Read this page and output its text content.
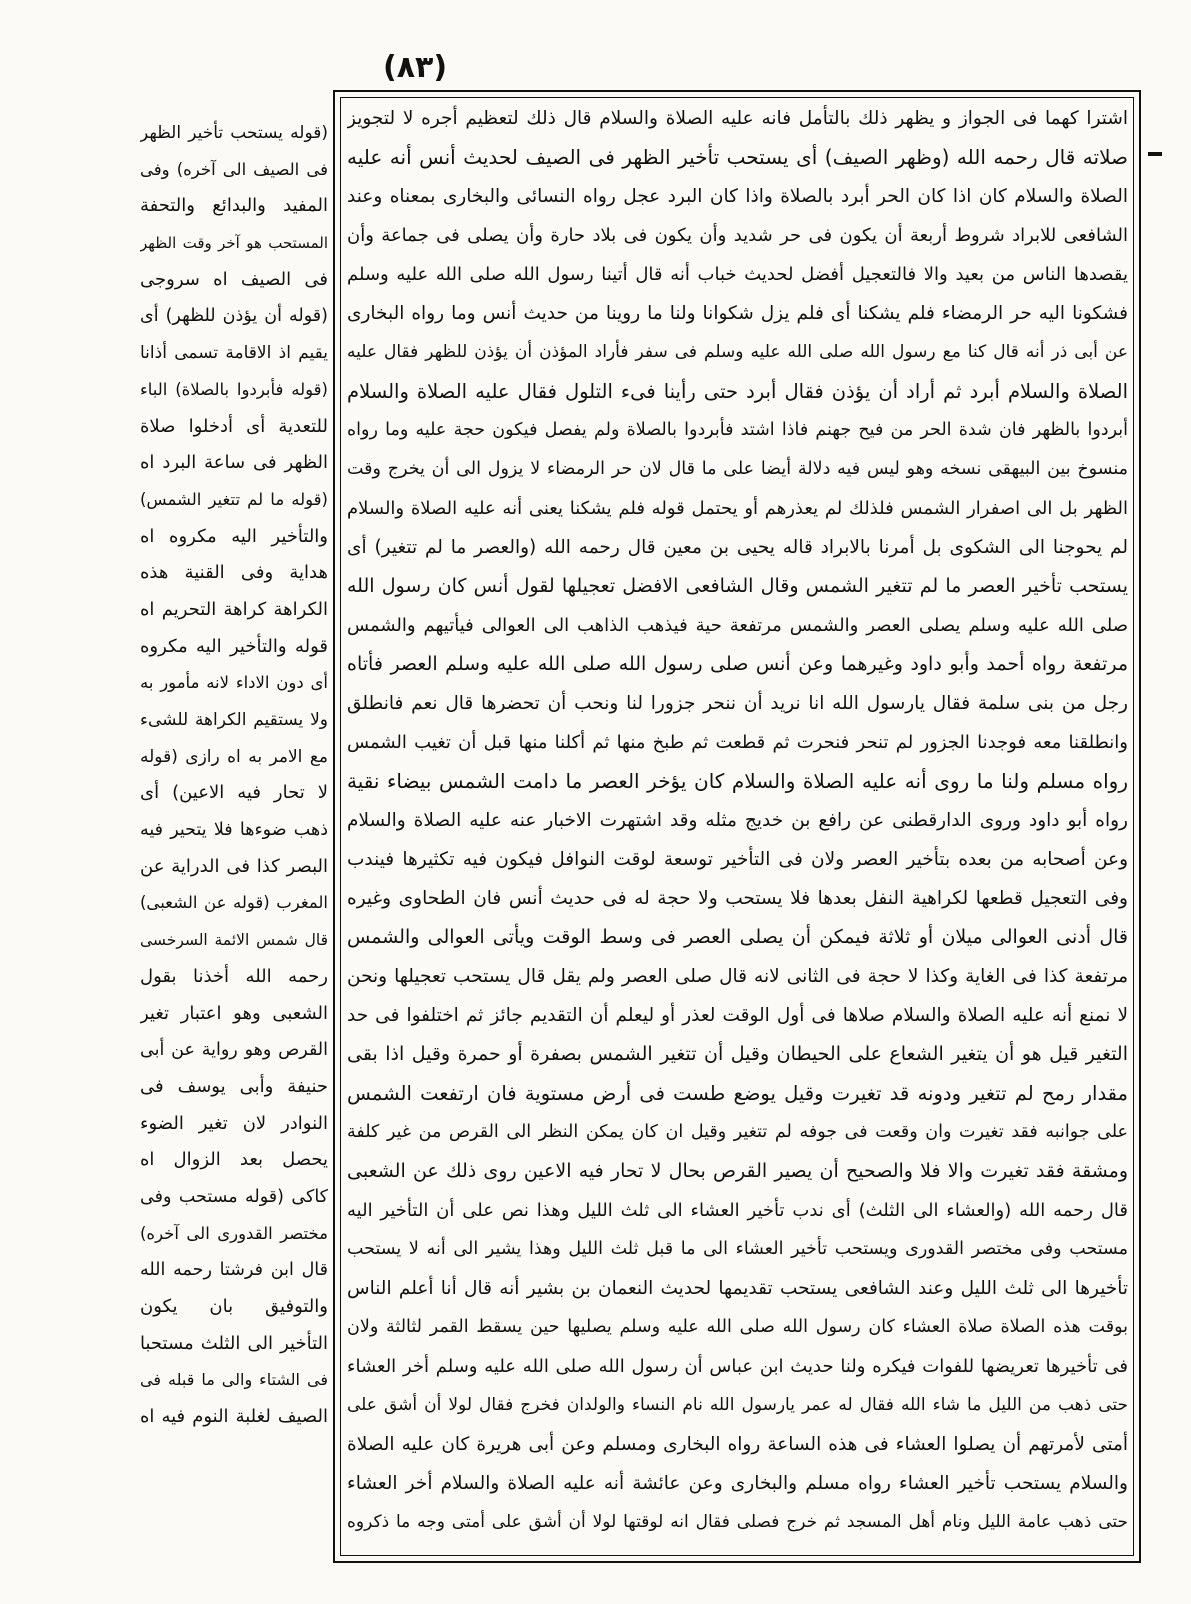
(٨٣)
اشترا كهما فى الجواز و يظهر ذلك بالتأمل فانه عليه الصلاة والسلام قال ذلك لتعظيم أجره لا لتجويز
صلاته قال رحمه الله (وظهر الصيف) أى يستحب تأخير الظهر فى الصيف لحديث أنس أنه عليه
الصلاة والسلام كان اذا كان الحر أبرد بالصلاة واذا كان البرد عجل رواه النسائى والبخارى بمعناه وعند
الشافعى للابراد شروط أربعة أن يكون فى حر شديد وأن يكون فى بلاد حارة وأن يصلى فى جماعة وأن
يقصدها الناس من بعيد والا فالتعجيل أفضل لحديث خباب أنه قال أتينا رسول الله صلى الله عليه وسلم
فشكونا اليه حر الرمضاء فلم يشكنا أى فلم يزل شكوانا ولنا ما روينا من حديث أنس وما رواه البخارى
عن أبى ذر أنه قال كنا مع رسول الله صلى الله عليه وسلم فى سفر فأراد المؤذن أن يؤذن للظهر فقال عليه
الصلاة والسلام أبرد ثم أراد أن يؤذن فقال أبرد حتى رأينا فىء التلول فقال عليه الصلاة والسلام
أبردوا بالظهر فان شدة الحر من فيح جهنم فاذا اشتد فأبردوا بالصلاة ولم يفصل فيكون حجة عليه وما رواه
منسوخ بين البيهقى نسخه وهو ليس فيه دلالة أيضا على ما قال لان حر الرمضاء لا يزول الى أن يخرج وقت
الظهر بل الى اصفرار الشمس فلذلك لم يعذرهم أو يحتمل قوله فلم يشكنا يعنى أنه عليه الصلاة والسلام
لم يحوجنا الى الشكوى بل أمرنا بالابراد قاله يحيى بن معين قال رحمه الله (والعصر ما لم تتغير) أى
يستحب تأخير العصر ما لم تتغير الشمس وقال الشافعى الافضل تعجيلها لقول أنس كان رسول الله
صلى الله عليه وسلم يصلى العصر والشمس مرتفعة حية فيذهب الذاهب الى العوالى فيأتيهم والشمس
مرتفعة رواه أحمد وأبو داود وغيرهما وعن أنس صلى رسول الله صلى الله عليه وسلم العصر فأتاه
رجل من بنى سلمة فقال يارسول الله انا نريد أن ننحر جزورا لنا ونحب أن تحضرها قال نعم فانطلق
وانطلقنا معه فوجدنا الجزور لم تنحر فنحرت ثم قطعت ثم طبخ منها ثم أكلنا منها قبل أن تغيب الشمس
رواه مسلم ولنا ما روى أنه عليه الصلاة والسلام كان يؤخر العصر ما دامت الشمس بيضاء نقية
رواه أبو داود وروى الدارقطنى عن رافع بن خديج مثله وقد اشتهرت الاخبار عنه عليه الصلاة والسلام
وعن أصحابه من بعده بتأخير العصر ولان فى التأخير توسعة لوقت النوافل فيكون فيه تكثيرها فيندب
وفى التعجيل قطعها لكراهية النفل بعدها فلا يستحب ولا حجة له فى حديث أنس فان الطحاوى وغيره
قال أدنى العوالى ميلان أو ثلاثة فيمكن أن يصلى العصر فى وسط الوقت ويأتى العوالى والشمس
مرتفعة كذا فى الغاية وكذا لا حجة فى الثانى لانه قال صلى العصر ولم يقل قال يستحب تعجيلها ونحن
لا نمنع أنه عليه الصلاة والسلام صلاها فى أول الوقت لعذر أو ليعلم أن التقديم جائز ثم اختلفوا فى حد
التغير قيل هو أن يتغير الشعاع على الحيطان وقيل أن تتغير الشمس بصفرة أو حمرة وقيل اذا بقى
مقدار رمح لم تتغير ودونه قد تغيرت وقيل يوضع طست فى أرض مستوية فان ارتفعت الشمس
على جوانبه فقد تغيرت وان وقعت فى جوفه لم تتغير وقيل ان كان يمكن النظر الى القرص من غير كلفة
ومشقة فقد تغيرت والا فلا والصحيح أن يصير القرص بحال لا تحار فيه الاعين روى ذلك عن الشعبى
قال رحمه الله (والعشاء الى الثلث) أى ندب تأخير العشاء الى ثلث الليل وهذا نص على أن التأخير اليه
مستحب وفى مختصر القدورى ويستحب تأخير العشاء الى ما قبل ثلث الليل وهذا يشير الى أنه لا يستحب
تأخيرها الى ثلث الليل وعند الشافعى يستحب تقديمها لحديث النعمان بن بشير أنه قال أنا أعلم الناس
بوقت هذه الصلاة صلاة العشاء كان رسول الله صلى الله عليه وسلم يصليها حين يسقط القمر لثالثة ولان
فى تأخيرها تعريضها للفوات فيكره ولنا حديث ابن عباس أن رسول الله صلى الله عليه وسلم أخر العشاء
حتى ذهب من الليل ما شاء الله فقال له عمر يارسول الله نام النساء والولدان فخرج فقال لولا أن أشق على
أمتى لأمرتهم أن يصلوا العشاء فى هذه الساعة رواه البخارى ومسلم وعن أبى هريرة كان عليه الصلاة
والسلام يستحب تأخير العشاء رواه مسلم والبخارى وعن عائشة أنه عليه الصلاة والسلام أخر العشاء
حتى ذهب عامة الليل ونام أهل المسجد ثم خرج فصلى فقال انه لوقتها لولا أن أشق على أمتى وجه ما ذكروه
(قوله يستحب تأخير الظهر
فى الصيف الى آخره) وفى
المفيد والبدائع والتحفة
المستحب هو آخر وقت الظهر
فى الصيف اه سروجى
(قوله أن يؤذن للظهر) أى
يقيم اذ الاقامة تسمى أذانا
(قوله فأبردوا بالصلاة) الباء
للتعدية أى أدخلوا صلاة
الظهر فى ساعة البرد اه
(قوله ما لم تتغير الشمس)
والتأخير اليه مكروه اه
هداية وفى القنية هذه
الكراهة كراهة التحريم اه
قوله والتأخير اليه مكروه
أى دون الاداء لانه مأمور به
ولا يستقيم الكراهة للشىء
مع الامر به اه رازى (قوله
لا تحار فيه الاعين) أى
ذهب ضوءها فلا يتحير فيه
البصر كذا فى الدراية عن
المغرب (قوله عن الشعبى)
قال شمس الائمة السرخسى
رحمه الله أخذنا بقول
الشعبى وهو اعتبار تغير
القرص وهو رواية عن أبى
حنيفة وأبى يوسف فى
النوادر لان تغير الضوء
يحصل بعد الزوال اه
كاكى (قوله مستحب وفى
مختصر القدورى الى آخره)
قال ابن فرشتا رحمه الله
والتوفيق بان يكون
التأخير الى الثلث مستحبا
فى الشتاء والى ما قبله فى
الصيف لغلبة النوم فيه اه
